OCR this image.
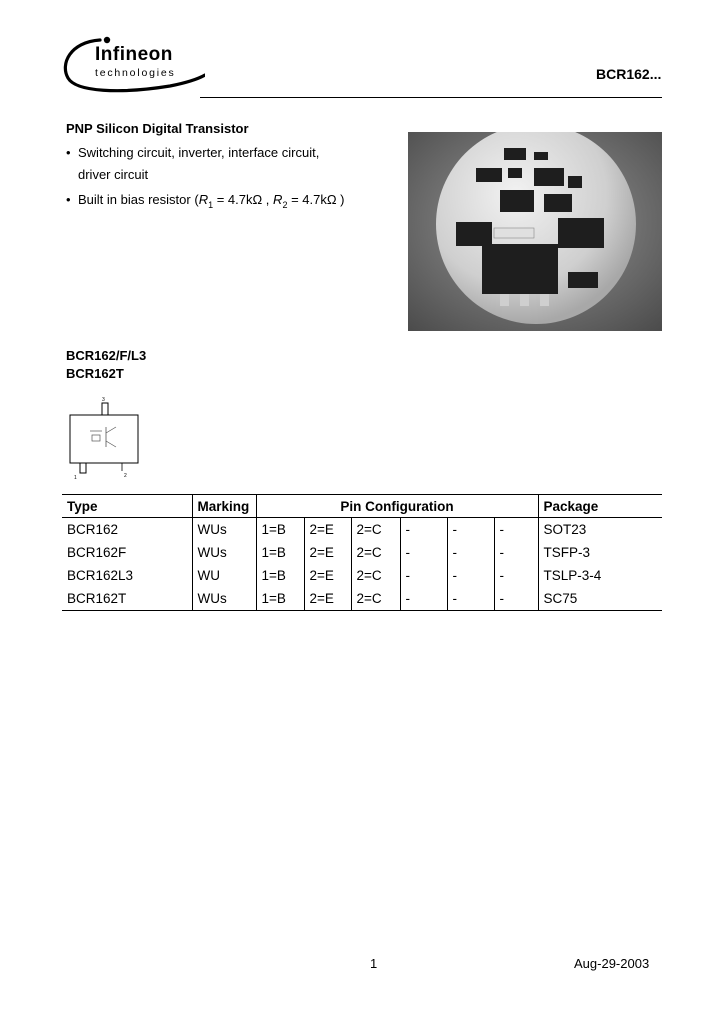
Infineon
technologies	BCR162...
PNP Silicon Digital Transistor
• Switching circuit, inverter, interface circuit,
driver circuit
• Built in bias resistor ($R_1 = 4.7k\Omega$ , $R_2 = 4.7k\Omega$ )
BCR162/F/L3
BCR162T
3
1	2
Type	Marking	Pin Configuration						Package
BCR162	WUs	1=B	2=E	2=C	-	-	-	SOT23
BCR162F	WUs	1=B	2=E	2=C	-	-	-	TSFP-3
BCR162L3	WU	1=B	2=E	2=C	-	-	-	TSLP-3-4
BCR162T	WUs	1=B	2=E	2=C	-	-	-	SC75
1	Aug-29-2003
